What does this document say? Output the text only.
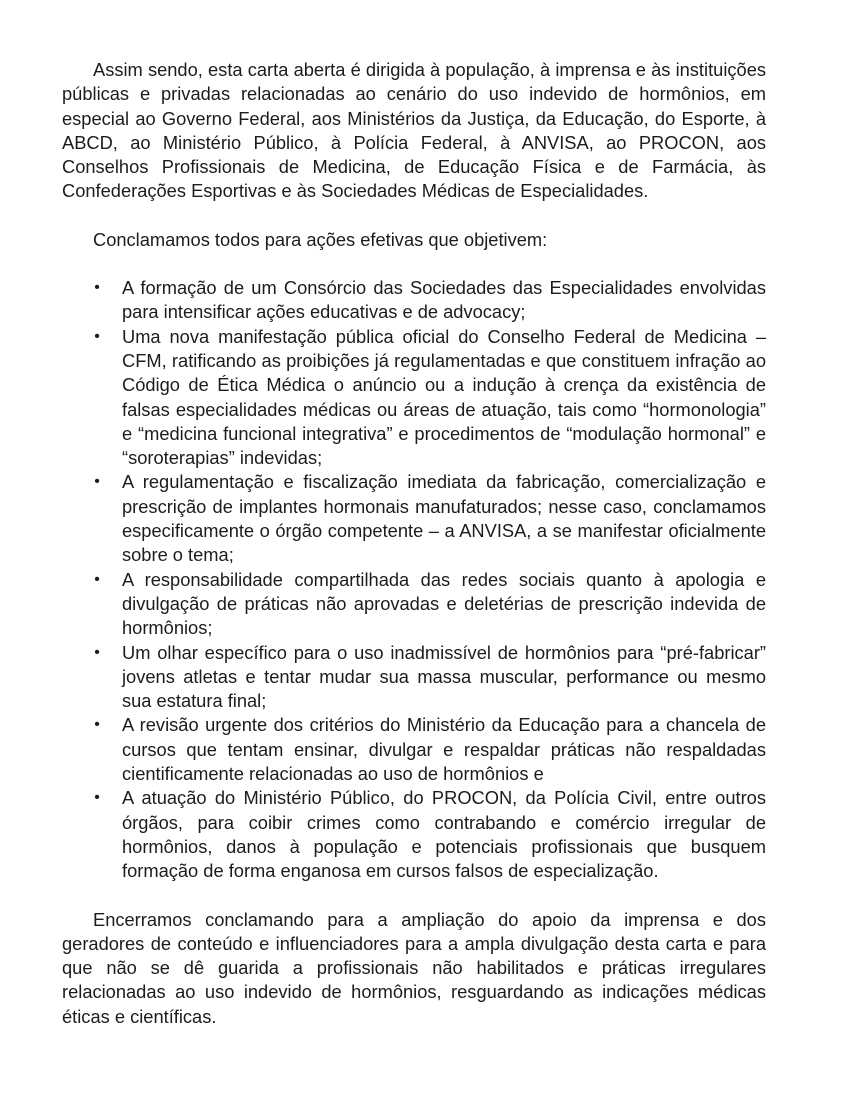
Assim sendo, esta carta aberta é dirigida à população, à imprensa e às instituições públicas e privadas relacionadas ao cenário do uso indevido de hormônios, em especial ao Governo Federal, aos Ministérios da Justiça, da Educação, do Esporte, à ABCD, ao Ministério Público, à Polícia Federal, à ANVISA, ao PROCON, aos Conselhos Profissionais de Medicina, de Educação Física e de Farmácia, às Confederações Esportivas e às Sociedades Médicas de Especialidades.

Conclamamos todos para ações efetivas que objetivem:

• A formação de um Consórcio das Sociedades das Especialidades envolvidas para intensificar ações educativas e de advocacy;
• Uma nova manifestação pública oficial do Conselho Federal de Medicina – CFM, ratificando as proibições já regulamentadas e que constituem infração ao Código de Ética Médica o anúncio ou a indução à crença da existência de falsas especialidades médicas ou áreas de atuação, tais como “hormonologia” e “medicina funcional integrativa” e procedimentos de “modulação hormonal” e “soroterapias” indevidas;
• A regulamentação e fiscalização imediata da fabricação, comercialização e prescrição de implantes hormonais manufaturados; nesse caso, conclamamos especificamente o órgão competente – a ANVISA, a se manifestar oficialmente sobre o tema;
• A responsabilidade compartilhada das redes sociais quanto à apologia e divulgação de práticas não aprovadas e deletérias de prescrição indevida de hormônios;
• Um olhar específico para o uso inadmissível de hormônios para “pré-fabricar” jovens atletas e tentar mudar sua massa muscular, performance ou mesmo sua estatura final;
• A revisão urgente dos critérios do Ministério da Educação para a chancela de cursos que tentam ensinar, divulgar e respaldar práticas não respaldadas cientificamente relacionadas ao uso de hormônios e
• A atuação do Ministério Público, do PROCON, da Polícia Civil, entre outros órgãos, para coibir crimes como contrabando e comércio irregular de hormônios, danos à população e potenciais profissionais que busquem formação de forma enganosa em cursos falsos de especialização.

Encerramos conclamando para a ampliação do apoio da imprensa e dos geradores de conteúdo e influenciadores para a ampla divulgação desta carta e para que não se dê guarida a profissionais não habilitados e práticas irregulares relacionadas ao uso indevido de hormônios, resguardando as indicações médicas éticas e científicas.
